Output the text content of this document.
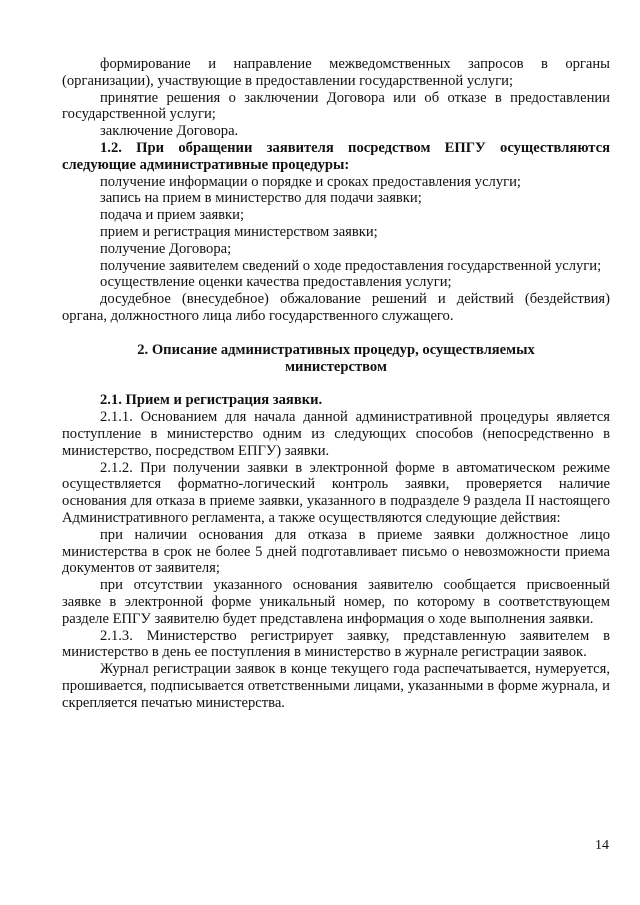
формирование и направление межведомственных запросов в органы (организации), участвующие в предоставлении государственной услуги;

принятие решения о заключении Договора или об отказе в предоставлении государственной услуги;

заключение Договора.

1.2. При обращении заявителя посредством ЕПГУ осуществляются следующие административные процедуры:

получение информации о порядке и сроках предоставления услуги;

запись на прием в министерство для подачи заявки;

подача и прием заявки;

прием и регистрация министерством заявки;

получение Договора;

получение заявителем сведений о ходе предоставления государственной услуги;

осуществление оценки качества предоставления услуги;

досудебное (внесудебное) обжалование решений и действий (бездействия) органа, должностного лица либо государственного служащего.

2. Описание административных процедур, осуществляемых министерством

2.1. Прием и регистрация заявки.

2.1.1. Основанием для начала данной административной процедуры является поступление в министерство одним из следующих способов (непосредственно в министерство, посредством ЕПГУ) заявки.

2.1.2. При получении заявки в электронной форме в автоматическом режиме осуществляется форматно-логический контроль заявки, проверяется наличие основания для отказа в приеме заявки, указанного в подразделе 9 раздела II настоящего Административного регламента, а также осуществляются следующие действия:

при наличии основания для отказа в приеме заявки должностное лицо министерства в срок не более 5 дней подготавливает письмо о невозможности приема документов от заявителя;

при отсутствии указанного основания заявителю сообщается присвоенный заявке в электронной форме уникальный номер, по которому в соответствующем разделе ЕПГУ заявителю будет представлена информация о ходе выполнения заявки.

2.1.3. Министерство регистрирует заявку, представленную заявителем в министерство в день ее поступления в министерство в журнале регистрации заявок.

Журнал регистрации заявок в конце текущего года распечатывается, нумеруется, прошивается, подписывается ответственными лицами, указанными в форме журнала, и скрепляется печатью министерства.

14
